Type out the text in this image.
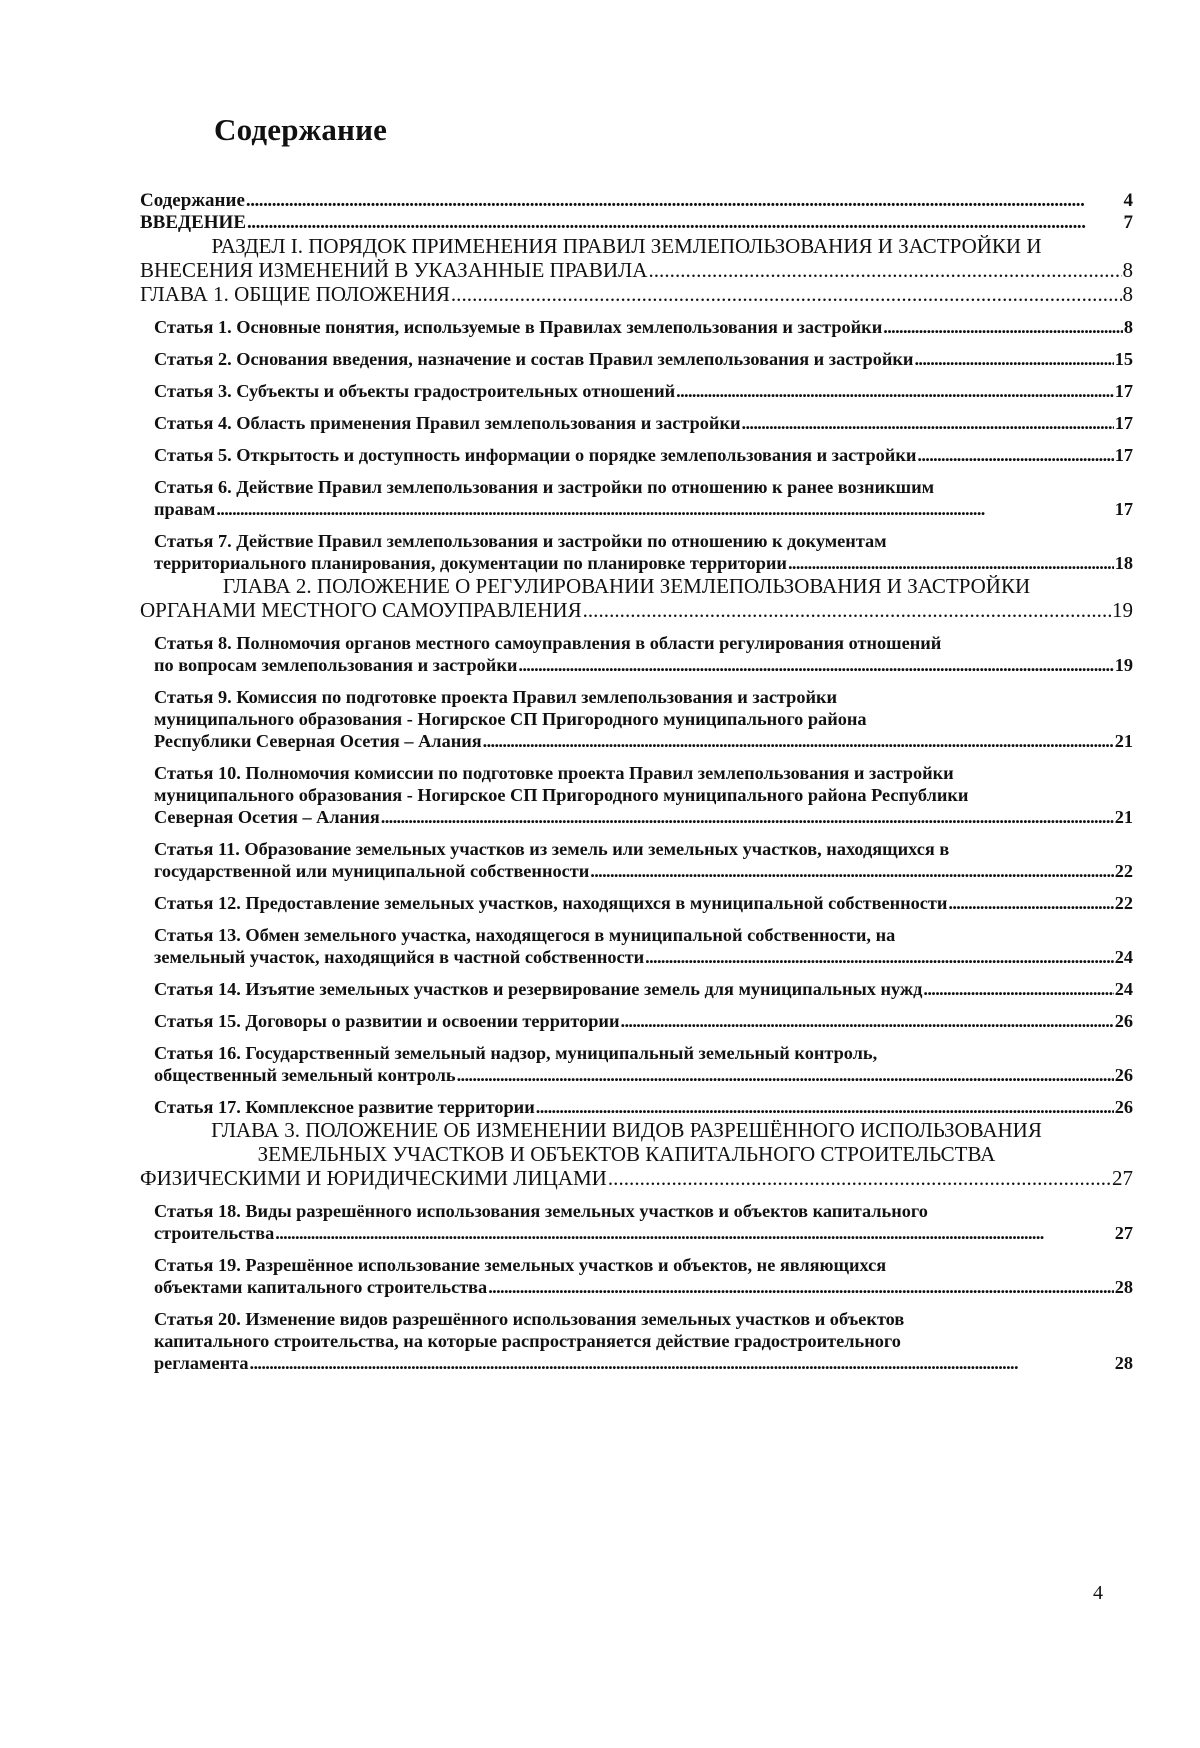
Содержание
Содержание . . .	4
ВВЕДЕНИЕ . . .	7
РАЗДЕЛ I. ПОРЯДОК ПРИМЕНЕНИЯ ПРАВИЛ ЗЕМЛЕПОЛЬЗОВАНИЯ И ЗАСТРОЙКИ И
ВНЕСЕНИЯ ИЗМЕНЕНИЙ В УКАЗАННЫЕ ПРАВИЛА . . .	8
ГЛАВА 1. ОБЩИЕ ПОЛОЖЕНИЯ . . .	8
Статья 1. Основные понятия, используемые в Правилах землепользования и застройки . . .	8
Статья 2. Основания введения, назначение и состав Правил землепользования и застройки . . .	15
Статья 3. Субъекты и объекты градостроительных отношений . . .	17
Статья 4. Область применения Правил землепользования и застройки . . .	17
Статья 5. Открытость и доступность информации о порядке землепользования и застройки . . .	17
Статья 6. Действие Правил землепользования и застройки по отношению к ранее возникшим
правам . . .	17
Статья 7. Действие Правил землепользования и застройки по отношению к документам
территориального планирования, документации по планировке территории . . .	18
ГЛАВА 2. ПОЛОЖЕНИЕ О РЕГУЛИРОВАНИИ ЗЕМЛЕПОЛЬЗОВАНИЯ И ЗАСТРОЙКИ
ОРГАНАМИ МЕСТНОГО САМОУПРАВЛЕНИЯ . . .	19
Статья 8. Полномочия органов местного самоуправления в области регулирования отношений
по вопросам землепользования и застройки . . .	19
Статья 9. Комиссия по подготовке проекта Правил землепользования и застройки
муниципального образования - Ногирское СП Пригородного муниципального района
Республики Северная Осетия – Алания . . .	21
Статья 10. Полномочия комиссии по подготовке проекта Правил землепользования и застройки
муниципального образования - Ногирское СП Пригородного муниципального района Республики
Северная Осетия – Алания . . .	21
Статья 11. Образование земельных участков из земель или земельных участков, находящихся в
государственной или муниципальной собственности . . .	22
Статья 12. Предоставление земельных участков, находящихся в муниципальной собственности . . .	22
Статья 13. Обмен земельного участка, находящегося в муниципальной собственности, на
земельный участок, находящийся в частной собственности . . .	24
Статья 14. Изъятие земельных участков и резервирование земель для муниципальных нужд . . .	24
Статья 15. Договоры о развитии и освоении территории . . .	26
Статья 16. Государственный земельный надзор, муниципальный земельный контроль,
общественный земельный контроль . . .	26
Статья 17. Комплексное развитие территории . . .	26
ГЛАВА 3. ПОЛОЖЕНИЕ ОБ ИЗМЕНЕНИИ ВИДОВ РАЗРЕШЁННОГО ИСПОЛЬЗОВАНИЯ
ЗЕМЕЛЬНЫХ УЧАСТКОВ И ОБЪЕКТОВ КАПИТАЛЬНОГО СТРОИТЕЛЬСТВА
ФИЗИЧЕСКИМИ И ЮРИДИЧЕСКИМИ ЛИЦАМИ . . .	27
Статья 18. Виды разрешённого использования земельных участков и объектов капитального
строительства . . .	27
Статья 19. Разрешённое использование земельных участков и объектов, не являющихся
объектами капитального строительства . . .	28
Статья 20. Изменение видов разрешённого использования земельных участков и объектов
капитального строительства, на которые распространяется действие градостроительного
регламента . . .	28
4
